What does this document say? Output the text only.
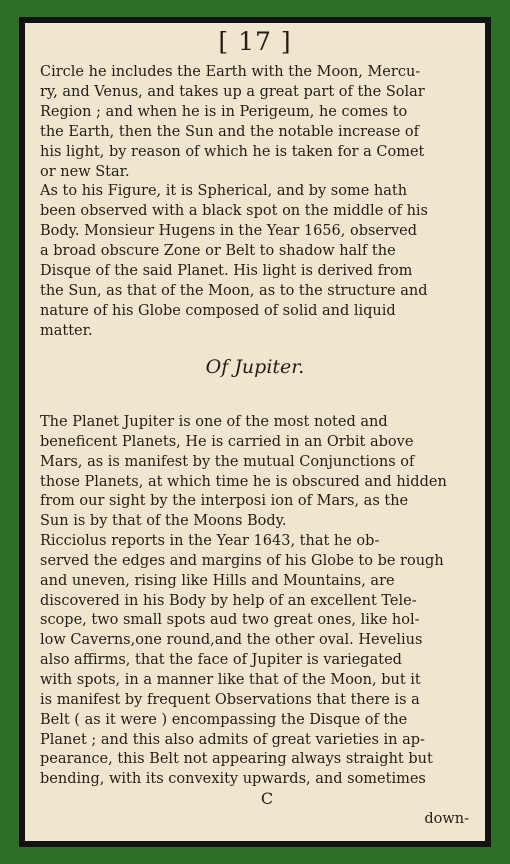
[ 17 ]
Circle he includes the Earth with the Moon, Mercu-
ry, and Venus, and takes up a great part of the Solar
Region ; and when he is in Perigeum, he comes to
the Earth, then the Sun and the notable increase of
his light, by reason of which he is taken for a Comet
or new Star.
As to his Figure, it is Spherical, and by some hath
been observed with a black spot on the middle of his
Body. Monsieur Hugens in the Year 1656, observed
a broad obscure Zone or Belt to shadow half the
Disque of the said Planet. His light is derived from
the Sun, as that of the Moon, as to the structure and
nature of his Globe composed of solid and liquid
matter.
Of Jupiter.
The Planet Jupiter is one of the most noted and
beneficent Planets, He is carried in an Orbit above
Mars, as is manifest by the mutual Conjunctions of
those Planets, at which time he is obscured and hidden
from our sight by the interposi ion of Mars, as the
Sun is by that of the Moons Body.
Ricciolus reports in the Year 1643, that he ob-
served the edges and margins of his Globe to be rough
and uneven, rising like Hills and Mountains, are
discovered in his Body by help of an excellent Tele-
scope, two small spots aud two great ones, like hol-
low Caverns,one round,and the other oval. Hevelius
also affirms, that the face of Jupiter is variegated
with spots, in a manner like that of the Moon, but it
is manifest by frequent Observations that there is a
Belt ( as it were ) encompassing the Disque of the
Planet ; and this also admits of great varieties in ap-
pearance, this Belt not appearing always straight but
bending, with its convexity upwards, and sometimes
C
down-
